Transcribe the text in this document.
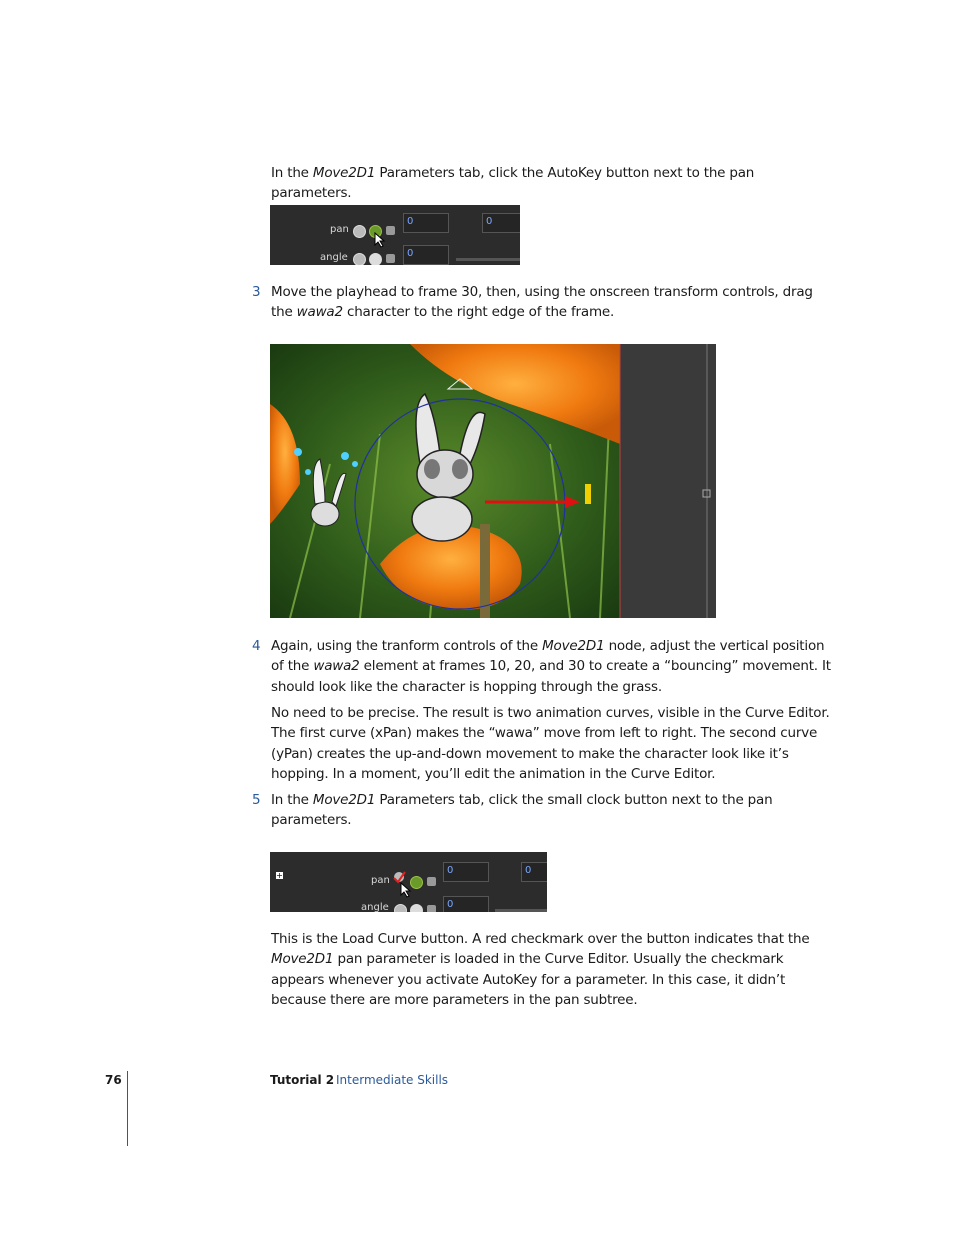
In the Move2D1 Parameters tab, click the AutoKey button next to the pan parameters.

pan
0	0
angle	0
3 Move the playhead to frame 30, then, using the onscreen transform controls, drag the wawa2 character to the right edge of the frame.

4 Again, using the tranform controls of the Move2D1 node, adjust the vertical position of the wawa2 element at frames 10, 20, and 30 to create a “bouncing” movement. It should look like the character is hopping through the grass.

No need to be precise. The result is two animation curves, visible in the Curve Editor. The first curve (xPan) makes the “wawa” move from left to right. The second curve (yPan) creates the up-and-down movement to make the character look like it’s hopping. In a moment, you’ll edit the animation in the Curve Editor.

5 In the Move2D1 Parameters tab, click the small clock button next to the pan parameters.

+	pan
0	0
angle	0

This is the Load Curve button. A red checkmark over the button indicates that the Move2D1 pan parameter is loaded in the Curve Editor. Usually the checkmark appears whenever you activate AutoKey for a parameter. In this case, it didn’t because there are more parameters in the pan subtree.

76	Tutorial 2 Intermediate Skills
